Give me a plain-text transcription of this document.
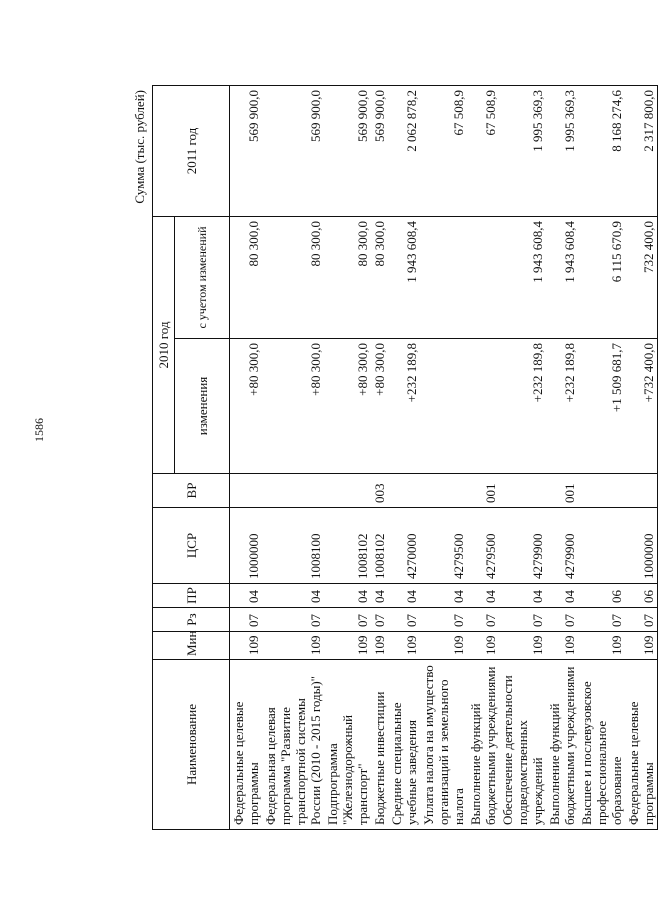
1586
Сумма (тыс. рублей)
Наименование	Мин	Рз	ПР	ЦСР	ВР	2010 год		2011 год
						изменения	с учетом изменений	
Федеральные целевые программы	109	07	04	1000000		+80 300,0	80 300,0	569 900,0
Федеральная целевая программа "Развитие транспортной системы России (2010 - 2015 годы)"	109	07	04	1008100		+80 300,0	80 300,0	569 900,0
Подпрограмма "Железнодорожный транспорт"	109	07	04	1008102		+80 300,0	80 300,0	569 900,0
Бюджетные инвестиции	109	07	04	1008102	003	+80 300,0	80 300,0	569 900,0
Средние специальные учебные заведения	109	07	04	4270000		+232 189,8	1 943 608,4	2 062 878,2
Уплата налога на имущество организаций и земельного налога	109	07	04	4279500				67 508,9
Выполнение функций бюджетными учреждениями	109	07	04	4279500	001			67 508,9
Обеспечение деятельности подведомственных учреждений	109	07	04	4279900		+232 189,8	1 943 608,4	1 995 369,3
Выполнение функций бюджетными учреждениями	109	07	04	4279900	001	+232 189,8	1 943 608,4	1 995 369,3
Высшее и послевузовское профессиональное образование	109	07	06			+1 509 681,7	6 115 670,9	8 168 274,6
Федеральные целевые программы	109	07	06	1000000		+732 400,0	732 400,0	2 317 800,0
